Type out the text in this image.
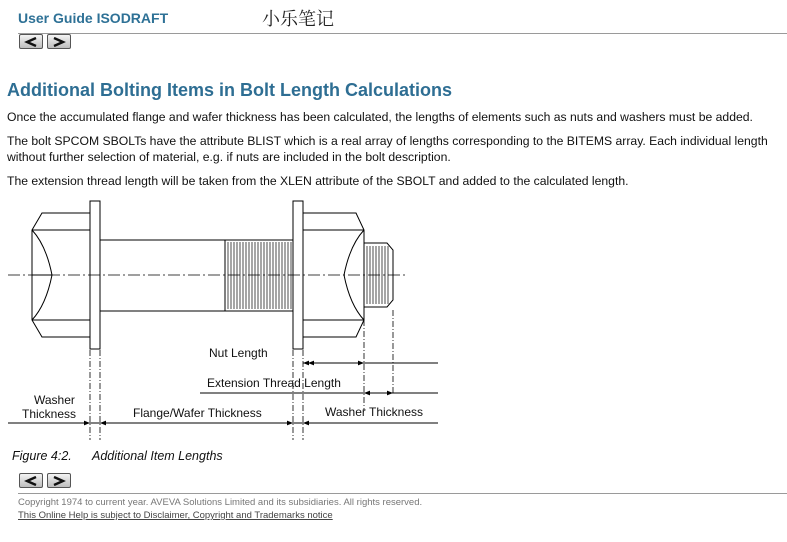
User Guide ISODRAFT	小乐笔记
Additional Bolting Items in Bolt Length Calculations
Once the accumulated flange and wafer thickness has been calculated, the lengths of elements such as nuts and washers must be added.
The bolt SPCOM SBOLTs have the attribute BLIST which is a real array of lengths corresponding to the BITEMS array. Each individual length
without further selection of material, e.g. if nuts are included in the bolt description.
The extension thread length will be taken from the XLEN attribute of the SBOLT and added to the calculated length.
Nut Length
Extension Thread Length
Washer
Thickness	Flange/Wafer Thickness	Washer Thickness
Figure 4:2. Additional Item Lengths
Copyright 1974 to current year. AVEVA Solutions Limited and its subsidiaries. All rights reserved.
This Online Help is subject to Disclaimer, Copyright and Trademarks notice
